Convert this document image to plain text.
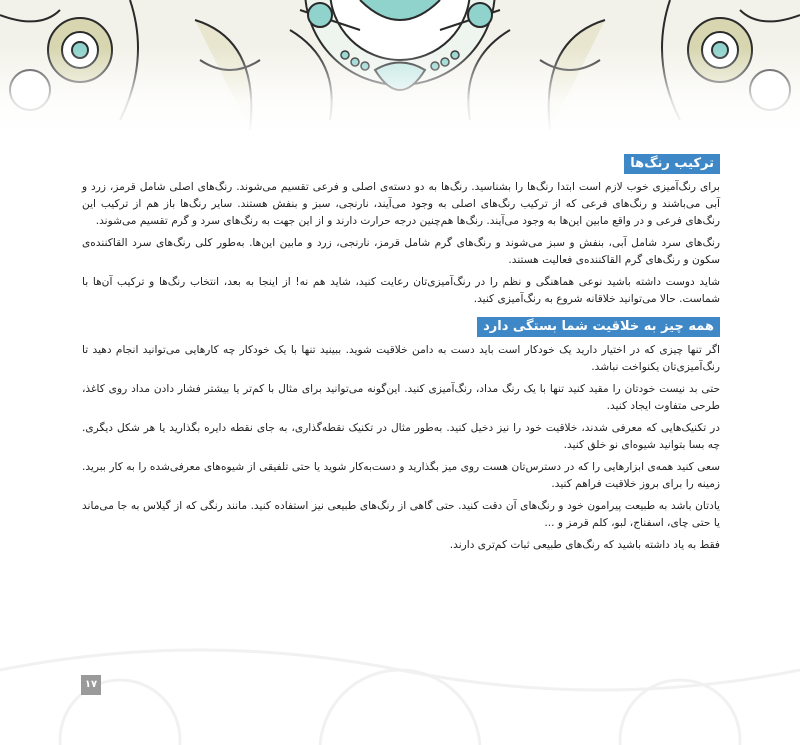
ترکیب رنگ‌ها

برای رنگ‌آمیزی خوب لازم است ابتدا رنگ‌ها را بشناسید. رنگ‌ها به دو دسته‌ی اصلی و فرعی تقسیم می‌شوند. رنگ‌های اصلی شامل قرمز، زرد و آبی می‌باشند و رنگ‌های فرعی که از ترکیب رنگ‌های اصلی به وجود می‌آیند، نارنجی، سبز و بنفش هستند. سایر رنگ‌ها باز هم از ترکیب این رنگ‌های فرعی و در واقع مابین این‌ها به وجود می‌آیند. رنگ‌ها هم‌چنین درجه حرارت دارند و از این جهت به رنگ‌های سرد و گرم تقسیم می‌شوند.

رنگ‌های سرد شامل آبی، بنفش و سبز می‌شوند و رنگ‌های گرم شامل قرمز، نارنجی، زرد و مابین این‌ها. به‌طور کلی رنگ‌های سرد القاکننده‌ی سکون و رنگ‌های گرم القاکننده‌ی فعالیت هستند.

شاید دوست داشته باشید نوعی هماهنگی و نظم را در رنگ‌آمیزی‌تان رعایت کنید، شاید هم نه! از اینجا به بعد، انتخاب رنگ‌ها و ترکیب آن‌ها با شماست. حالا می‌توانید خلاقانه شروع به رنگ‌آمیزی کنید.

همه چیز به خلاقیت شما بستگی دارد

اگر تنها چیزی که در اختیار دارید یک خودکار است باید دست به دامن خلاقیت شوید. ببینید تنها با یک خودکار چه کارهایی می‌توانید انجام دهید تا رنگ‌آمیزی‌تان یکنواخت نباشد.

حتی بد نیست خودتان را مقید کنید تنها با یک رنگ مداد، رنگ‌آمیزی کنید. این‌گونه می‌توانید برای مثال با کم‌تر یا بیشتر فشار دادن مداد روی کاغذ، طرحی متفاوت ایجاد کنید.

در تکنیک‌هایی که معرفی شدند، خلاقیت خود را نیز دخیل کنید. به‌طور مثال در تکنیک نقطه‌گذاری، به جای نقطه دایره بگذارید یا هر شکل دیگری. چه بسا بتوانید شیوه‌ای نو خلق کنید.

سعی کنید همه‌ی ابزارهایی را که در دسترس‌تان هست روی میز بگذارید و دست‌به‌کار شوید یا حتی تلفیقی از شیوه‌های معرفی‌شده را به کار ببرید. زمینه را برای بروز خلاقیت فراهم کنید.

یادتان باشد به طبیعت پیرامون خود و رنگ‌های آن دقت کنید. حتی گاهی از رنگ‌های طبیعی نیز استفاده کنید. مانند رنگی که از گیلاس به جا می‌ماند یا حتی چای، اسفناج، لبو، کلم قرمز و ...

فقط به یاد داشته باشید که رنگ‌های طبیعی ثبات کم‌تری دارند.

۱۷
